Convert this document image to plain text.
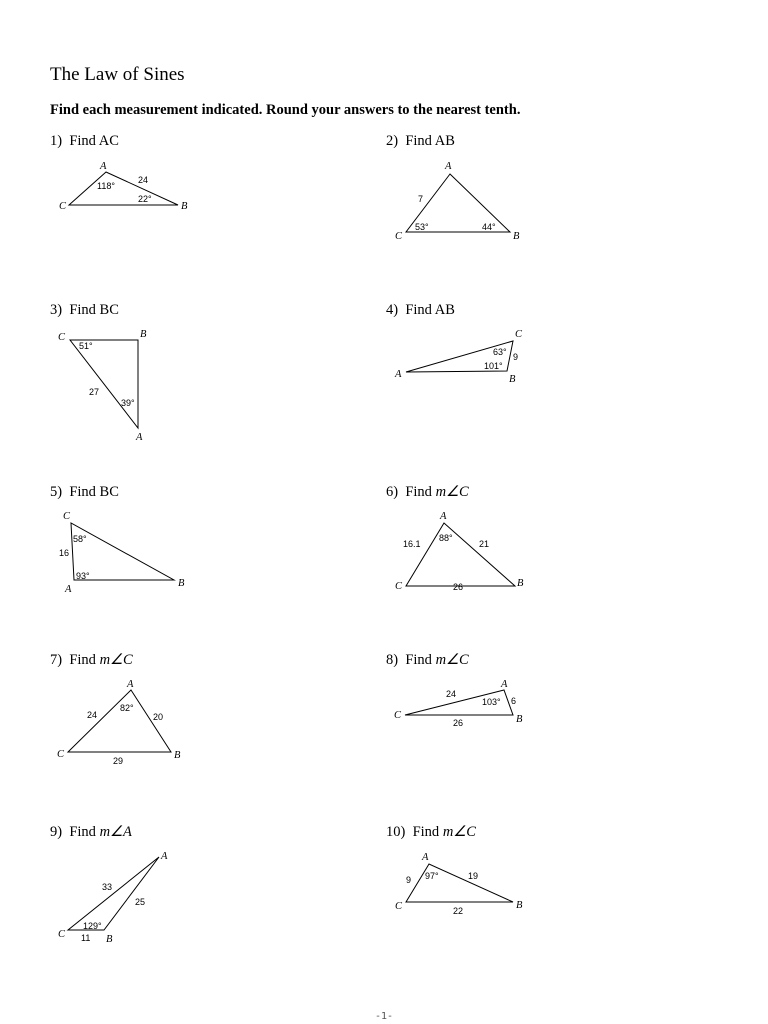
The Law of Sines
Find each measurement indicated. Round your answers to the nearest tenth.
1) Find AC
A
C	B
118°
22°
24
2) Find AB
A
C	B
7
53°	44°
3) Find BC
C	B
A
51°
27
39°
4) Find AB
C
A	B
63° 9
101°
5) Find BC
C
A
B
58°
16
93°
6) Find m∠C
A
C	B
16.1
88°
21
26
7) Find m∠C
A
C	B
24
82°
20
29
8) Find m∠C
A
C	B
24
103° 6
26
9) Find m∠A
A
C	B
33
25
129°
11
10) Find m∠C
A
C	B
9 97°	19
22
-1-
